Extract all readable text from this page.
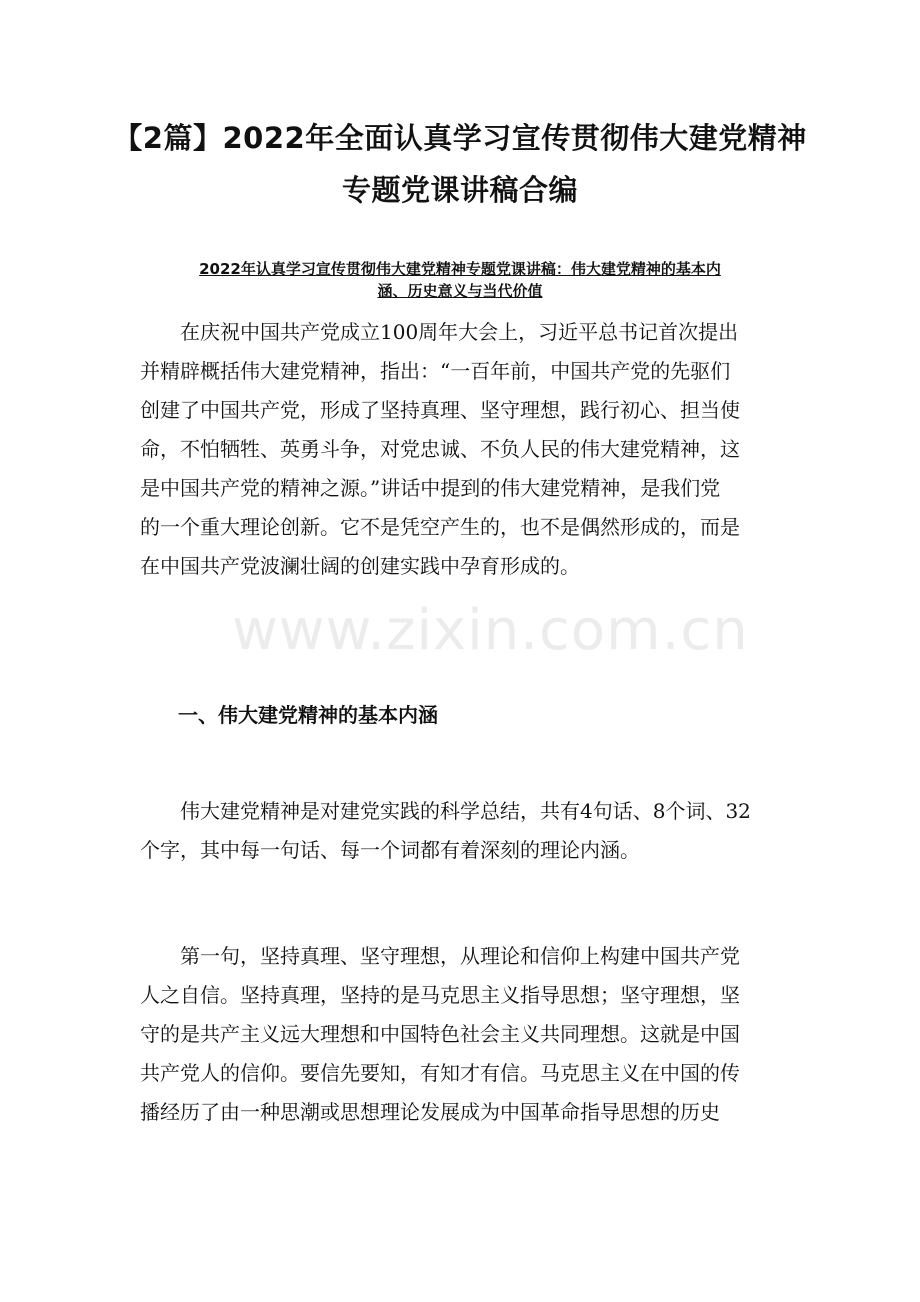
【2篇】2022年全面认真学习宣传贯彻伟大建党精神
专题党课讲稿合编
2022年认真学习宣传贯彻伟大建党精神专题党课讲稿：伟大建党精神的基本内
涵、历史意义与当代价值
在庆祝中国共产党成立100周年大会上，习近平总书记首次提出
并精辟概括伟大建党精神，指出：“一百年前，中国共产党的先驱们
创建了中国共产党，形成了坚持真理、坚守理想，践行初心、担当使
命，不怕牺牲、英勇斗争，对党忠诚、不负人民的伟大建党精神，这
是中国共产党的精神之源。”讲话中提到的伟大建党精神，是我们党
的一个重大理论创新。它不是凭空产生的，也不是偶然形成的，而是
在中国共产党波澜壮阔的创建实践中孕育形成的。
www.zixin.com.cn
一、伟大建党精神的基本内涵
伟大建党精神是对建党实践的科学总结，共有4句话、8个词、32
个字，其中每一句话、每一个词都有着深刻的理论内涵。
第一句，坚持真理、坚守理想，从理论和信仰上构建中国共产党
人之自信。坚持真理，坚持的是马克思主义指导思想；坚守理想，坚
守的是共产主义远大理想和中国特色社会主义共同理想。这就是中国
共产党人的信仰。要信先要知，有知才有信。马克思主义在中国的传
播经历了由一种思潮或思想理论发展成为中国革命指导思想的历史
